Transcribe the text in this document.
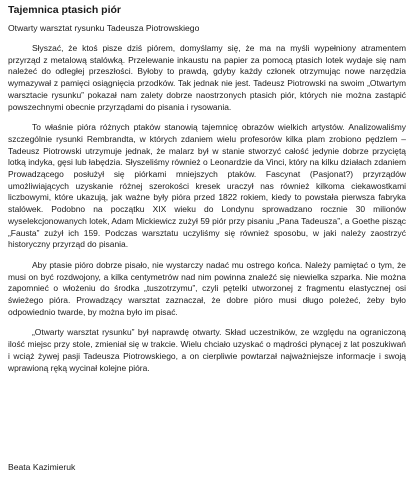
Tajemnica ptasich piór
Otwarty warsztat rysunku Tadeusza Piotrowskiego

Słyszać, że ktoś pisze dziś piórem, domyślamy się, że ma na myśli wypełniony atramentem przyrząd z metalową stalówką. Przelewanie inkaustu na papier za pomocą ptasich lotek wydaje się nam należeć do odległej przeszłości. Byłoby to prawdą, gdyby każdy członek otrzymując nowe narzędzia wymazywał z pamięci osiągnięcia przodków. Tak jednak nie jest. Tadeusz Piotrowski na swoim „Otwartym warsztacie rysunku” pokazał nam zalety dobrze naostrzonych ptasich piór, których nie można zastąpić powszechnymi obecnie przyrządami do pisania i rysowania.

To właśnie pióra różnych ptaków stanowią tajemnicę obrazów wielkich artystów. Analizowaliśmy szczególnie rysunki Rembrandta, w których zdaniem wielu profesorów kilka plam zrobiono pędzlem – Tadeusz Piotrowski utrzymuje jednak, że malarz był w stanie stworzyć całość jedynie dobrze przyciętą lotką indyka, gęsi lub łabędzia. Słyszeliśmy również o Leonardzie da Vinci, który na kilku działach zdaniem Prowadzącego posłużył się piórkami mniejszych ptaków. Fascynat (Pasjonat?) przyrządów umożliwiających uzyskanie różnej szerokości kresek uraczył nas również kilkoma ciekawostkami liczbowymi, które ukazują, jak ważne były pióra przed 1822 rokiem, kiedy to powstała pierwsza fabryka stalówek. Podobno na początku XIX wieku do Londynu sprowadzano rocznie 30 milionów wyselekcjonowanych lotek, Adam Mickiewicz zużył 59 piór przy pisaniu „Pana Tadeusza”, a Goethe pisząc „Fausta” zużył ich 159. Podczas warsztatu uczyliśmy się również sposobu, w jaki należy zaostrzyć historyczny przyrząd do pisania.

Aby ptasie pióro dobrze pisało, nie wystarczy nadać mu ostrego końca. Należy pamiętać o tym, że musi on być rozdwojony, a kilka centymetrów nad nim powinna znaleźć się niewielka szparka. Nie można zapomnieć o włożeniu do środka „tuszotrzymu”, czyli pętelki utworzonej z fragmentu elastycznej osi świeżego pióra. Prowadzący warsztat zaznaczał, że dobre pióro musi długo poleżeć, żeby było odpowiednio twarde, by można było im pisać.

„Otwarty warsztat rysunku” był naprawdę otwarty. Skład uczestników, ze względu na ograniczoną ilość miejsc przy stole, zmieniał się w trakcie. Wielu chciało uzyskać o mądrości płynącej z lat poszukiwań i wciąż żywej pasji Tadeusza Piotrowskiego, a on cierpliwie powtarzał najważniejsze informacje i swoją wprawioną ręką wycinał kolejne pióra.

Beata Kazimieruk
